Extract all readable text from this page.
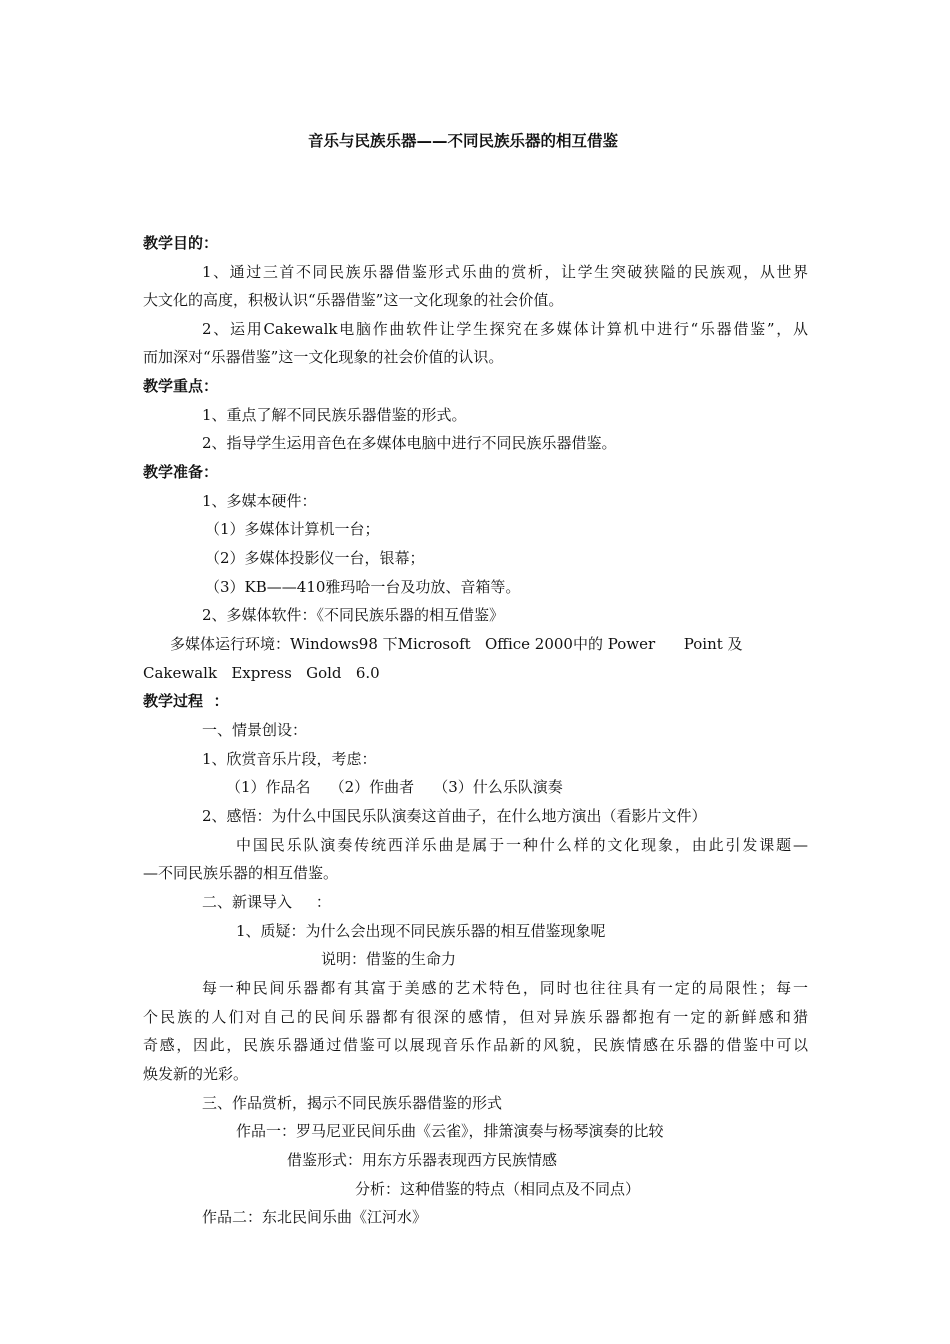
音乐与民族乐器——不同民族乐器的相互借鉴
教学目的：
1、通过三首不同民族乐器借鉴形式乐曲的赏析，让学生突破狭隘的民族观，从世界
大文化的高度，积极认识“乐器借鉴”这一文化现象的社会价值。
2、运用Cakewalk电脑作曲软件让学生探究在多媒体计算机中进行“乐器借鉴”，从
而加深对“乐器借鉴”这一文化现象的社会价值的认识。
教学重点：
1、重点了解不同民族乐器借鉴的形式。
2、指导学生运用音色在多媒体电脑中进行不同民族乐器借鉴。
教学准备：
1、多媒本硬件：
（1）多媒体计算机一台；
（2）多媒体投影仪一台，银幕；
（3）KB——410雅玛哈一台及功放、音箱等。
2、多媒体软件：《不同民族乐器的相互借鉴》
多媒体运行环境：Windows98 下Microsoft   Office 2000中的 Power      Point 及
Cakewalk   Express   Gold   6.0
教学过程  ：
一、情景创设：
1、欣赏音乐片段，考虑：
（1）作品名    （2）作曲者    （3）什么乐队演奏
2、感悟：为什么中国民乐队演奏这首曲子，在什么地方演出（看影片文件）
中国民乐队演奏传统西洋乐曲是属于一种什么样的文化现象，由此引发课题—
—不同民族乐器的相互借鉴。
二、新课导入     ：
1、质疑：为什么会出现不同民族乐器的相互借鉴现象呢
说明：借鉴的生命力
每一种民间乐器都有其富于美感的艺术特色，同时也往往具有一定的局限性；每一
个民族的人们对自己的民间乐器都有很深的感情，但对异族乐器都抱有一定的新鲜感和猎
奇感，因此，民族乐器通过借鉴可以展现音乐作品新的风貌，民族情感在乐器的借鉴中可以
焕发新的光彩。
三、作品赏析，揭示不同民族乐器借鉴的形式
作品一：罗马尼亚民间乐曲《云雀》，排箫演奏与杨琴演奏的比较
借鉴形式：用东方乐器表现西方民族情感
分析：这种借鉴的特点（相同点及不同点）
作品二：东北民间乐曲《江河水》
